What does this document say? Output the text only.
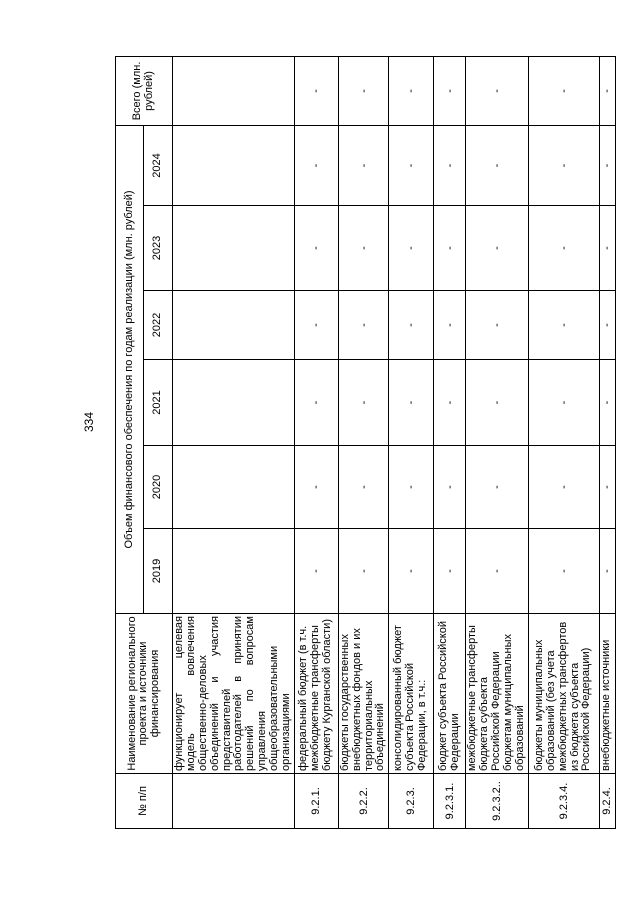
334
№ п/п	Наименование регионального проекта и источники финансирования	Объем финансового обеспечения по годам реализации (млн. рублей)						Всего (млн. рублей)
		2019	2020	2021	2022	2023	2024	
	функционирует целевая модель вовлечения общественно-деловых объединений и участия представителей работодателей в принятии решений по вопросам управления общеобразовательными организациями							
9.2.1.	федеральный бюджет (в т.ч. межбюджетные трансферты бюджету Курганской области)	-	-	-	-	-	-	-
9.2.2.	бюджеты государственных внебюджетных фондов и их территориальных объединений	-	-	-	-	-	-	-
9.2.3.	консолидированный бюджет субъекта Российской Федерации, в т.ч.:	-	-	-	-	-	-	-
9.2.3.1.	бюджет субъекта Российской Федерации	-	-	-	-	-	-	-
9.2.3.2..	межбюджетные трансферты бюджета субъекта Российской Федерации бюджетам муниципальных образований	-	-	-	-	-	-	-
9.2.3.4.	бюджеты муниципальных образований (без учета межбюджетных трансфертов из бюджета субъекта Российской Федерации)	-	-	-	-	-	-	-
9.2.4.	внебюджетные источники	-	-	-	-	-	-	-
